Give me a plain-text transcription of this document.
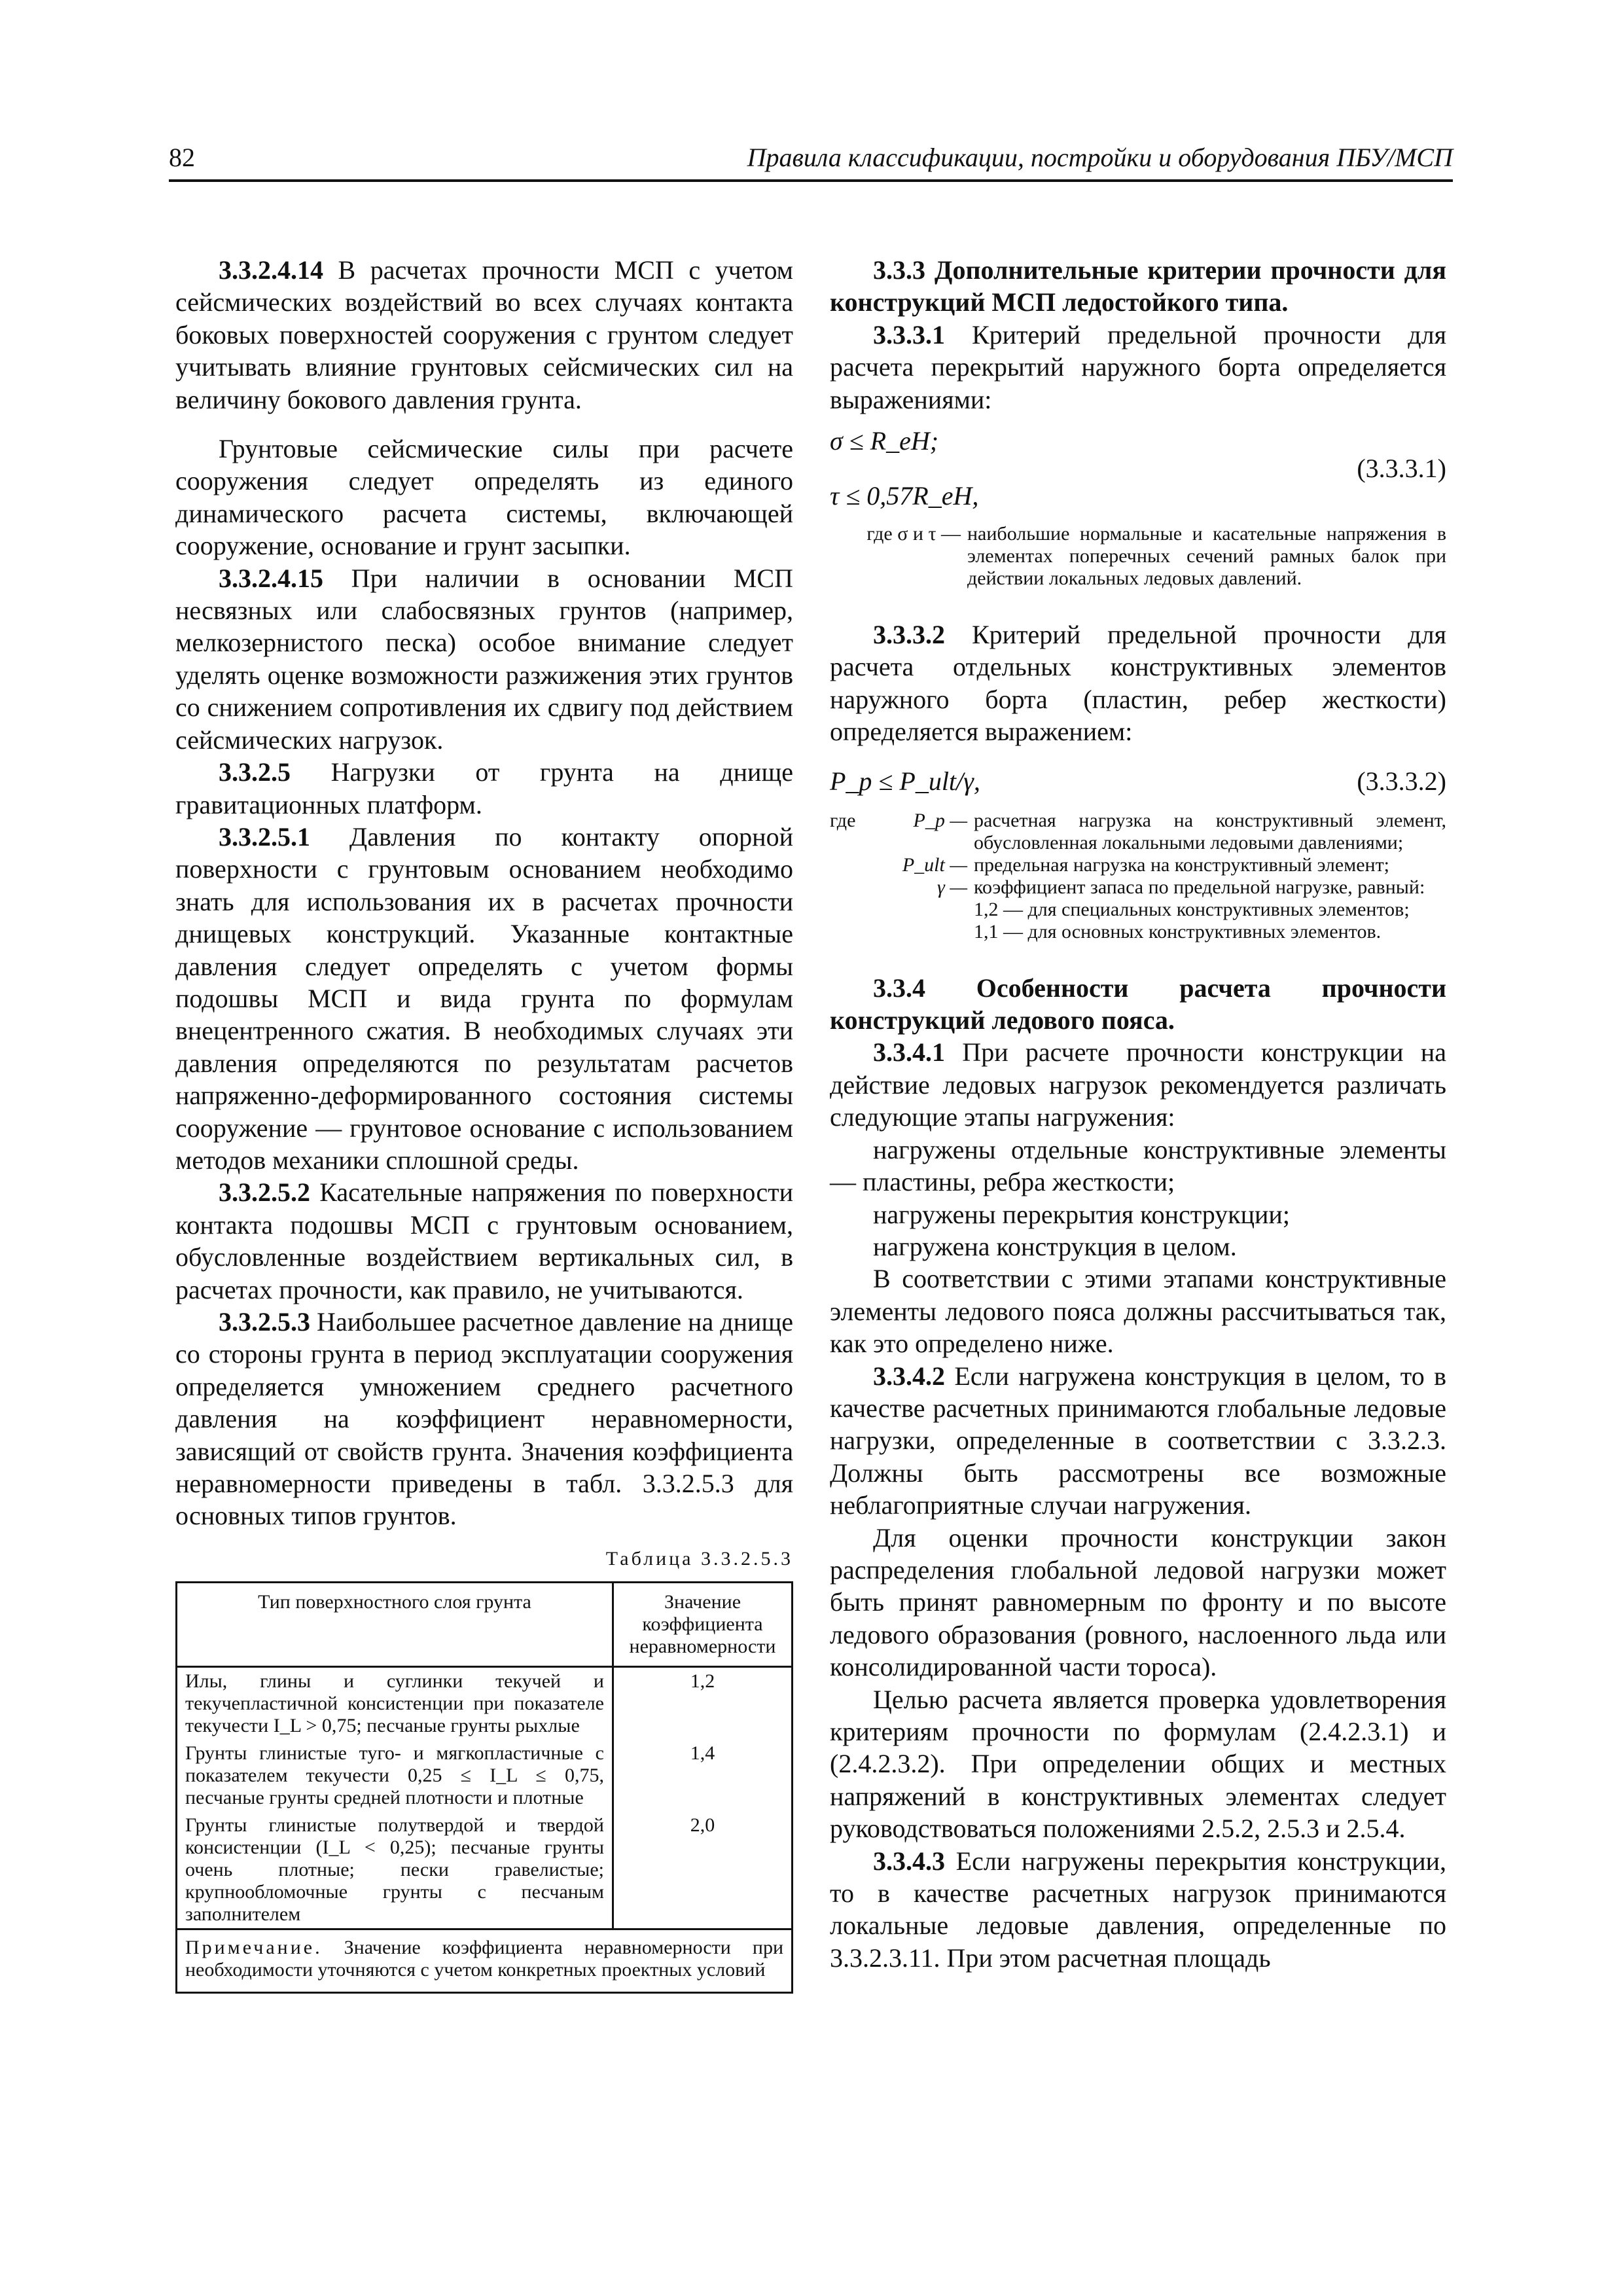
82	Правила классификации, постройки и оборудования ПБУ/МСП

3.3.2.4.14 В расчетах прочности МСП с учетом сейсмических воздействий во всех случаях контакта боковых поверхностей сооружения с грунтом следует учитывать влияние грунтовых сейсмических сил на величину бокового давления грунта.

Грунтовые сейсмические силы при расчете сооружения следует определять из единого динамического расчета системы, включающей сооружение, основание и грунт засыпки.

3.3.2.4.15 При наличии в основании МСП несвязных или слабосвязных грунтов (например, мелкозернистого песка) особое внимание следует уделять оценке возможности разжижения этих грунтов со снижением сопротивления их сдвигу под действием сейсмических нагрузок.

3.3.2.5 Нагрузки от грунта на днище гравитационных платформ.

3.3.2.5.1 Давления по контакту опорной поверхности с грунтовым основанием необходимо знать для использования их в расчетах прочности днищевых конструкций. Указанные контактные давления следует определять с учетом формы подошвы МСП и вида грунта по формулам внецентренного сжатия. В необходимых случаях эти давления определяются по результатам расчетов напряженно-деформированного состояния системы сооружение — грунтовое основание с использованием методов механики сплошной среды.

3.3.2.5.2 Касательные напряжения по поверхности контакта подошвы МСП с грунтовым основанием, обусловленные воздействием вертикальных сил, в расчетах прочности, как правило, не учитываются.

3.3.2.5.3 Наибольшее расчетное давление на днище со стороны грунта в период эксплуатации сооружения определяется умножением среднего расчетного давления на коэффициент неравномерности, зависящий от свойств грунта. Значения коэффициента неравномерности приведены в табл. 3.3.2.5.3 для основных типов грунтов.

Таблица 3.3.2.5.3
Тип поверхностного слоя грунта	Значение коэффициента неравномерности
Илы, глины и суглинки текучей и текучепластичной консистенции при показателе текучести I_L > 0,75; песчаные грунты рыхлые	1,2
Грунты глинистые туго- и мягкопластичные с показателем текучести 0,25 ≤ I_L ≤ 0,75, песчаные грунты средней плотности и плотные	1,4
Грунты глинистые полутвердой и твердой консистенции (I_L < 0,25); песчаные грунты очень плотные; пески гравелистые; крупнообломочные грунты с песчаным заполнителем	2,0
Примечание. Значение коэффициента неравномерности при необходимости уточняются с учетом конкретных проектных условий	

3.3.3 Дополнительные критерии прочности для конструкций МСП ледостойкого типа.

3.3.3.1 Критерий предельной прочности для расчета перекрытий наружного борта определяется выражениями:

σ ≤ R_eH;
(3.3.3.1)
τ ≤ 0,57R_eH,
где σ и τ — наибольшие нормальные и касательные напряжения в элементах поперечных сечений рамных балок при действии локальных ледовых давлений.

3.3.3.2 Критерий предельной прочности для расчета отдельных конструктивных элементов наружного борта (пластин, ребер жесткости) определяется выражением:

P_p ≤ P_ult/γ,	(3.3.3.2)
где	P_p — расчетная нагрузка на конструктивный элемент, обусловленная локальными ледовыми давлениями;
P_ult — предельная нагрузка на конструктивный элемент;
γ — коэффициент запаса по предельной нагрузке, равный:
1,2 — для специальных конструктивных элементов;
1,1 — для основных конструктивных элементов.

3.3.4 Особенности расчета прочности конструкций ледового пояса.

3.3.4.1 При расчете прочности конструкции на действие ледовых нагрузок рекомендуется различать следующие этапы нагружения:

нагружены отдельные конструктивные элементы — пластины, ребра жесткости;

нагружены перекрытия конструкции;

нагружена конструкция в целом.

В соответствии с этими этапами конструктивные элементы ледового пояса должны рассчитываться так, как это определено ниже.

3.3.4.2 Если нагружена конструкция в целом, то в качестве расчетных принимаются глобальные ледовые нагрузки, определенные в соответствии с 3.3.2.3. Должны быть рассмотрены все возможные неблагоприятные случаи нагружения.

Для оценки прочности конструкции закон распределения глобальной ледовой нагрузки может быть принят равномерным по фронту и по высоте ледового образования (ровного, наслоенного льда или консолидированной части тороса).

Целью расчета является проверка удовлетворения критериям прочности по формулам (2.4.2.3.1) и (2.4.2.3.2). При определении общих и местных напряжений в конструктивных элементах следует руководствоваться положениями 2.5.2, 2.5.3 и 2.5.4.

3.3.4.3 Если нагружены перекрытия конструкции, то в качестве расчетных нагрузок принимаются локальные ледовые давления, определенные по 3.3.2.3.11. При этом расчетная площадь
